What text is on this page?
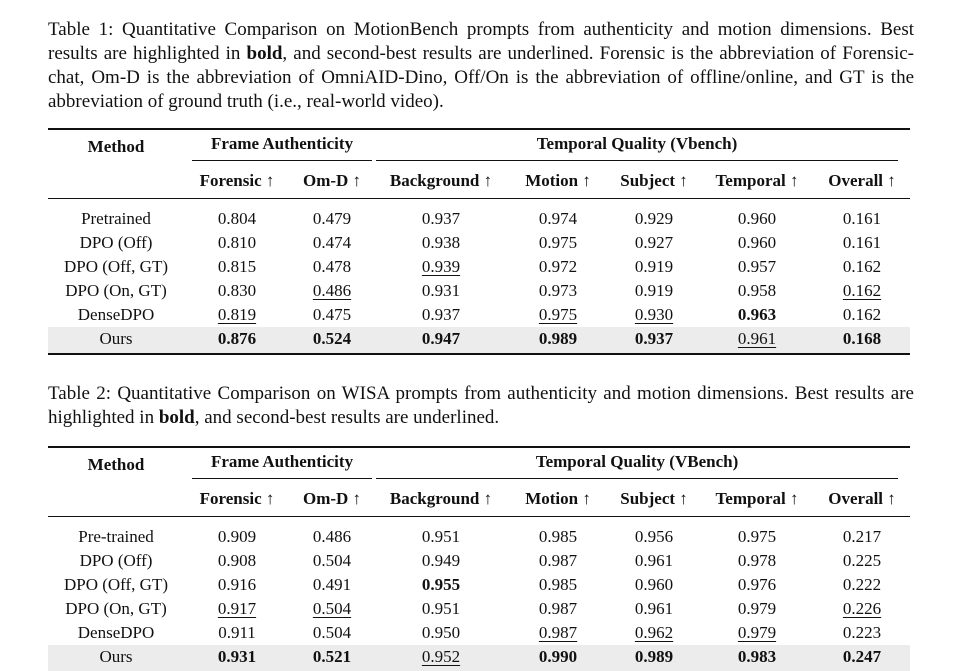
Table 1: Quantitative Comparison on MotionBench prompts from authenticity and motion dimensions. Best results are highlighted in bold, and second-best results are underlined. Forensic is the abbreviation of Forensic-chat, Om-D is the abbreviation of OmniAID-Dino, Off/On is the abbreviation of offline/online, and GT is the abbreviation of ground truth (i.e., real-world video).
Method	Frame Authenticity		Temporal Quality (Vbench)				

	Forensic ↑	Om-D ↑	Background ↑	Motion ↑	Subject ↑	Temporal ↑	Overall ↑
Pretrained	0.804	0.479	0.937	0.974	0.929	0.960	0.161
DPO (Off)	0.810	0.474	0.938	0.975	0.927	0.960	0.161
DPO (Off, GT)	0.815	0.478	0.939	0.972	0.919	0.957	0.162
DPO (On, GT)	0.830	0.486	0.931	0.973	0.919	0.958	0.162
DenseDPO	0.819	0.475	0.937	0.975	0.930	0.963	0.162
Ours	0.876	0.524	0.947	0.989	0.937	0.961	0.168
Table 2: Quantitative Comparison on WISA prompts from authenticity and motion dimensions. Best results are highlighted in bold, and second-best results are underlined.
Method	Frame Authenticity		Temporal Quality (VBench)				

	Forensic ↑	Om-D ↑	Background ↑	Motion ↑	Subject ↑	Temporal ↑	Overall ↑
Pre-trained	0.909	0.486	0.951	0.985	0.956	0.975	0.217
DPO (Off)	0.908	0.504	0.949	0.987	0.961	0.978	0.225
DPO (Off, GT)	0.916	0.491	0.955	0.985	0.960	0.976	0.222
DPO (On, GT)	0.917	0.504	0.951	0.987	0.961	0.979	0.226
DenseDPO	0.911	0.504	0.950	0.987	0.962	0.979	0.223
Ours	0.931	0.521	0.952	0.990	0.989	0.983	0.247
